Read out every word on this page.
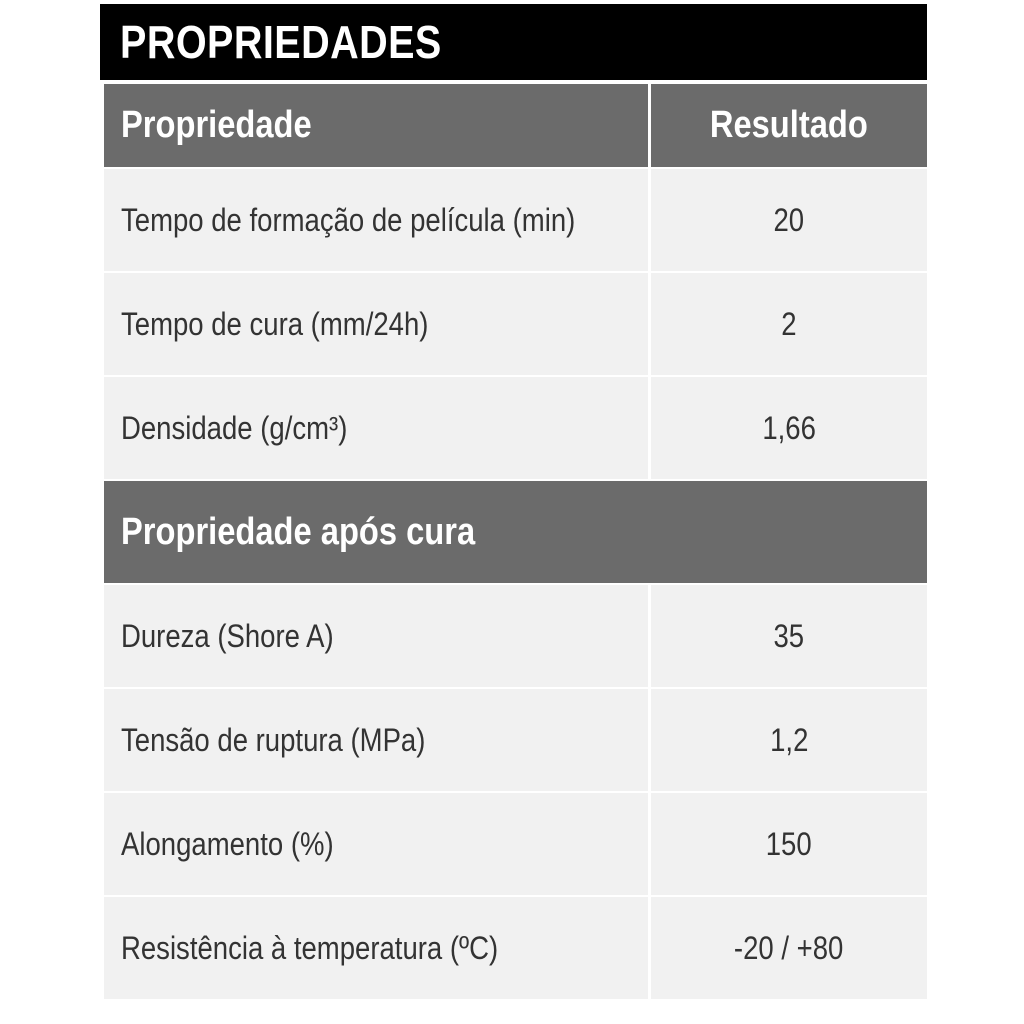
PROPRIEDADES
Propriedade	Resultado
Tempo de formação de película (min)	20
Tempo de cura (mm/24h)	2
Densidade (g/cm³)	1,66
Propriedade após cura
Dureza (Shore A)	35
Tensão de ruptura (MPa)	1,2
Alongamento (%)	150
Resistência à temperatura (ºC)	-20 / +80
